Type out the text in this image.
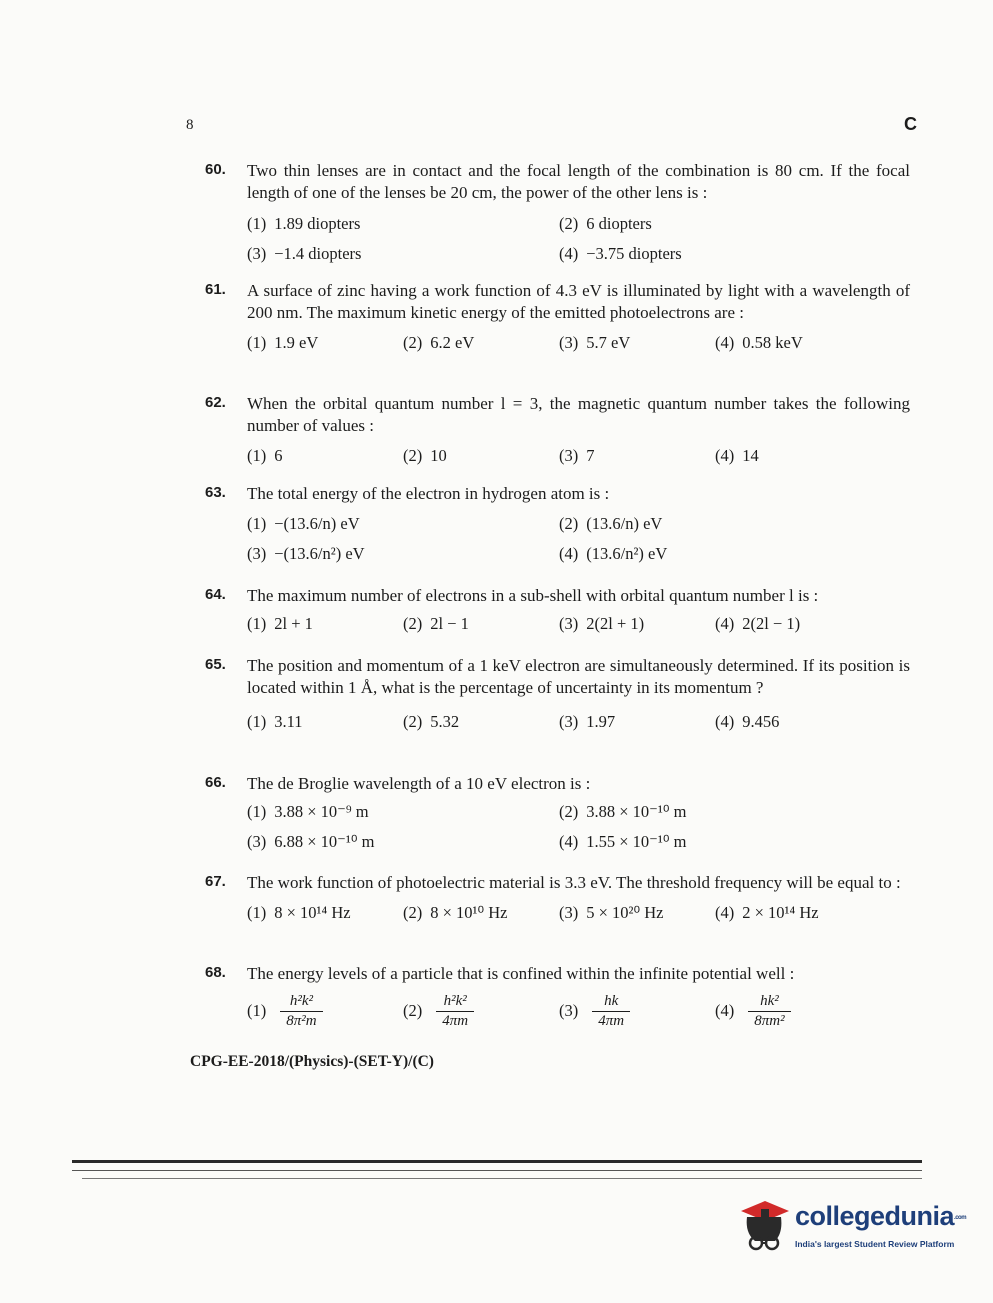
8	C
60.	Two thin lenses are in contact and the focal length of the combination is 80 cm. If the focal length of one of the lenses be 20 cm, the power of the other lens is :
(1) 1.89 diopters	(2) 6 diopters
(3) −1.4 diopters	(4) −3.75 diopters
61.	A surface of zinc having a work function of 4.3 eV is illuminated by light with a wavelength of 200 nm. The maximum kinetic energy of the emitted photoelectrons are :
(1) 1.9 eV	(2) 6.2 eV	(3) 5.7 eV	(4) 0.58 keV
62.	When the orbital quantum number l = 3, the magnetic quantum number takes the following number of values :
(1) 6	(2) 10	(3) 7	(4) 14
63.	The total energy of the electron in hydrogen atom is :
(1) −(13.6/n) eV	(2) (13.6/n) eV
(3) −(13.6/n²) eV	(4) (13.6/n²) eV
64.	The maximum number of electrons in a sub-shell with orbital quantum number l is :
(1) 2l + 1	(2) 2l − 1	(3) 2(2l + 1)	(4) 2(2l − 1)
65.	The position and momentum of a 1 keV electron are simultaneously determined. If its position is located within 1 Å, what is the percentage of uncertainty in its momentum ?
(1) 3.11	(2) 5.32	(3) 1.97	(4) 9.456
66.	The de Broglie wavelength of a 10 eV electron is :
(1) 3.88 × 10⁻⁹ m	(2) 3.88 × 10⁻¹⁰ m
(3) 6.88 × 10⁻¹⁰ m	(4) 1.55 × 10⁻¹⁰ m
67.	The work function of photoelectric material is 3.3 eV. The threshold frequency will be equal to :
(1) 8 × 10¹⁴ Hz	(2) 8 × 10¹⁰ Hz	(3) 5 × 10²⁰ Hz	(4) 2 × 10¹⁴ Hz
68.	The energy levels of a particle that is confined within the infinite potential well :
$(1) \frac{\text{h²k²}}{\text{8π²m}}$	$(2) \frac{\text{h²k²}}{4\pi m}$	$(3) \frac{hk}{4\pi m}$	$(4) \frac{\text{hk²}}{\text{8πm²}}$
CPG-EE-2018/(Physics)-(SET-Y)/(C)
collegedunia.com
India's largest Student Review Platform
